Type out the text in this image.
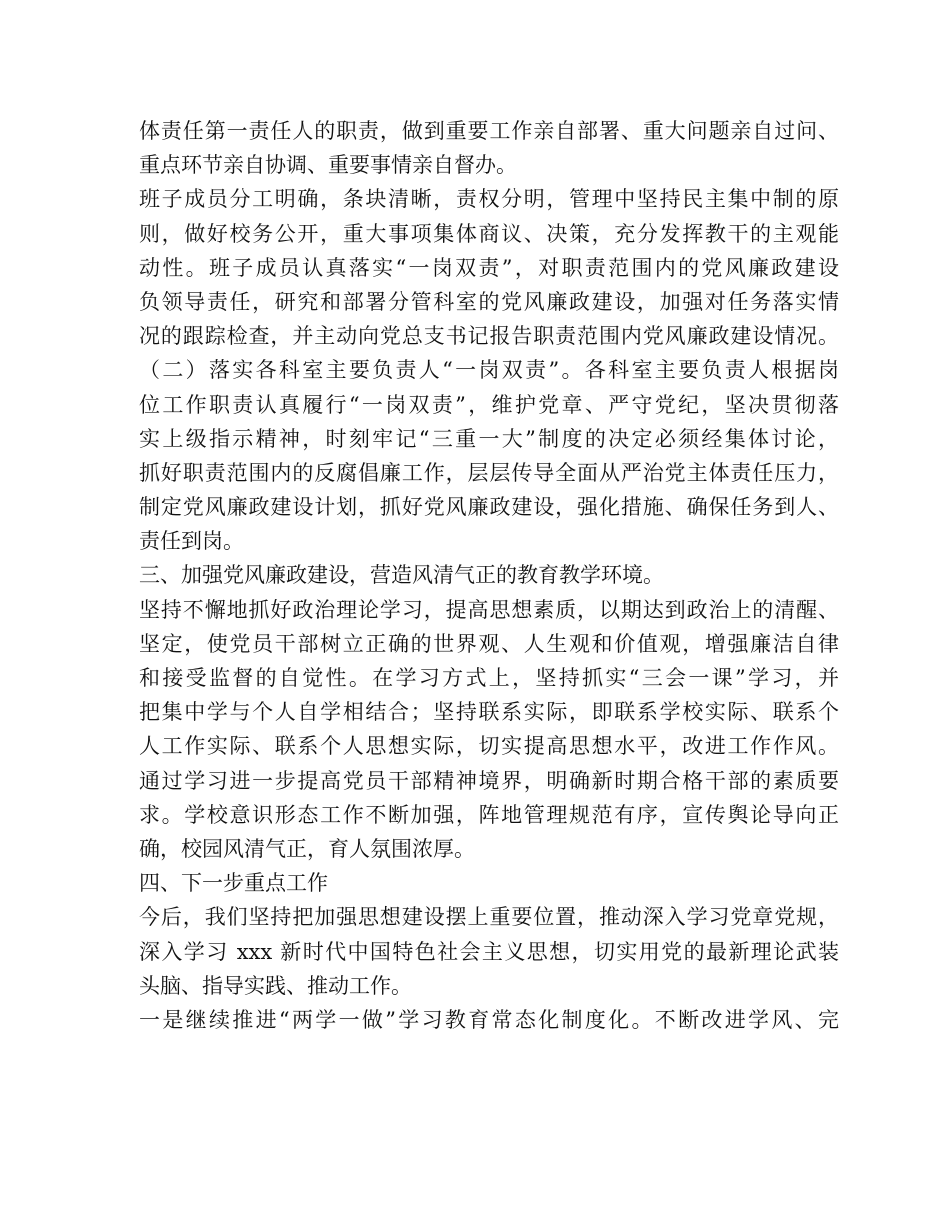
体责任第一责任人的职责，做到重要工作亲自部署、重大问题亲自过问、
重点环节亲自协调、重要事情亲自督办。
班子成员分工明确，条块清晰，责权分明，管理中坚持民主集中制的原
则，做好校务公开，重大事项集体商议、决策，充分发挥教干的主观能
动性。班子成员认真落实“一岗双责”，对职责范围内的党风廉政建设
负领导责任，研究和部署分管科室的党风廉政建设，加强对任务落实情
况的跟踪检查，并主动向党总支书记报告职责范围内党风廉政建设情况。
（二）落实各科室主要负责人“一岗双责”。各科室主要负责人根据岗
位工作职责认真履行“一岗双责”，维护党章、严守党纪，坚决贯彻落
实上级指示精神，时刻牢记“三重一大”制度的决定必须经集体讨论，
抓好职责范围内的反腐倡廉工作，层层传导全面从严治党主体责任压力，
制定党风廉政建设计划，抓好党风廉政建设，强化措施、确保任务到人、
责任到岗。
三、加强党风廉政建设，营造风清气正的教育教学环境。
坚持不懈地抓好政治理论学习，提高思想素质，以期达到政治上的清醒、
坚定，使党员干部树立正确的世界观、人生观和价值观，增强廉洁自律
和接受监督的自觉性。在学习方式上，坚持抓实“三会一课”学习，并
把集中学与个人自学相结合；坚持联系实际，即联系学校实际、联系个
人工作实际、联系个人思想实际，切实提高思想水平，改进工作作风。
通过学习进一步提高党员干部精神境界，明确新时期合格干部的素质要
求。学校意识形态工作不断加强，阵地管理规范有序，宣传舆论导向正
确，校园风清气正，育人氛围浓厚。
四、下一步重点工作
今后，我们坚持把加强思想建设摆上重要位置，推动深入学习党章党规，
深入学习 xxx 新时代中国特色社会主义思想，切实用党的最新理论武装
头脑、指导实践、推动工作。
一是继续推进“两学一做”学习教育常态化制度化。不断改进学风、完
